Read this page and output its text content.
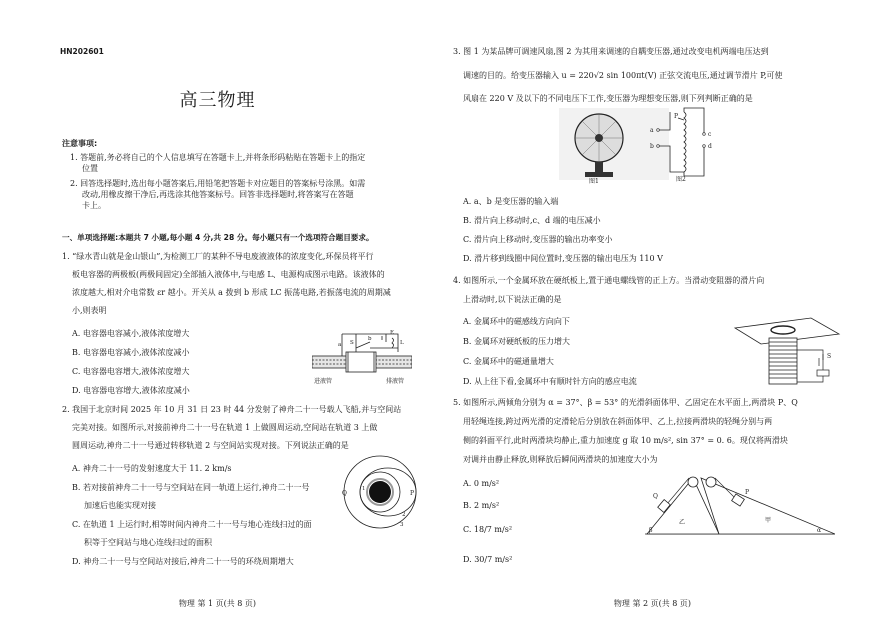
HN202601
高三物理
注意事项:
1. 答题前,务必将自己的个人信息填写在答题卡上,并将条形码粘贴在答题卡上的指定
位置
2. 回答选择题时,选出每小题答案后,用铅笔把答题卡对应题目的答案标号涂黑。如需
改动,用橡皮擦干净后,再选涂其他答案标号。回答非选择题时,将答案写在答题
卡上。
一、单项选择题:本题共 7 小题,每小题 4 分,共 28 分。每小题只有一个选项符合题目要求。
1. “绿水青山就是金山银山”,为检测工厂的某种不导电废液液体的浓度变化,环保员将平行
板电容器的两极板(两极间固定)全部插入液体中,与电感 L、电源构成图示电路。该液体的
浓度越大,相对介电常数 εr 越小。开关从 a 拨到 b 形成 LC 振荡电路,若振荡电流的周期减
小,则表明
A. 电容器电容减小,液体浓度增大
B. 电容器电容减小,液体浓度减小
C. 电容器电容增大,液体浓度增大
D. 电容器电容增大,液体浓度减小
进液管	排液管
S
a
b
E
L
2. 我国于北京时间 2025 年 10 月 31 日 23 时 44 分发射了神舟二十一号载人飞船,并与空间站
完美对接。如图所示,对接前神舟二十一号在轨道 1 上做圆周运动,空间站在轨道 3 上做
圆周运动,神舟二十一号通过转移轨道 2 与空间站实现对接。下列说法正确的是
A. 神舟二十一号的发射速度大于 11. 2 km/s
B. 若对接前神舟二十一号与空间站在同一轨道上运行,神舟二十一号
加速后也能实现对接
C. 在轨道 1 上运行时,相等时间内神舟二十一号与地心连线扫过的面
积等于空间站与地心连线扫过的面积
D. 神舟二十一号与空间站对接后,神舟二十一号的环绕周期增大
Q	P
1
2
3
物理 第 1 页(共 8 页)
3. 图 1 为某品牌可调速风扇,图 2 为其用来调速的自耦变压器,通过改变电机两端电压达到
调速的目的。给变压器输入 u = 220√2 sin 100πt(V) 正弦交流电压,通过调节滑片 P,可使
风扇在 220 V 及以下的不同电压下工作,变压器为理想变压器,则下列判断正确的是
图1
P
a
b
c
d
图2
A. a、b 是变压器的输入端
B. 滑片向上移动时,c、d 端的电压减小
C. 滑片向上移动时,变压器的输出功率变小
D. 滑片移到线圈中间位置时,变压器的输出电压为 110 V
4. 如图所示,一个金属环放在硬纸板上,置于通电螺线管的正上方。当滑动变阻器的滑片向
上滑动时,以下说法正确的是
A. 金属环中的磁感线方向向下
B. 金属环对硬纸板的压力增大
C. 金属环中的磁通量增大
D. 从上往下看,金属环中有顺时针方向的感应电流
S
5. 如图所示,两倾角分别为 α = 37°、β = 53° 的光滑斜面体甲、乙固定在水平面上,两滑块 P、Q
用轻绳连接,跨过两光滑的定滑轮后分别放在斜面体甲、乙上,拉接两滑块的轻绳分别与两
侧的斜面平行,此时两滑块均静止,重力加速度 g 取 10 m/s², sin 37° = 0. 6。现仅将两滑块
对调并由静止释放,则释放后瞬间两滑块的加速度大小为
A. 0 m/s²
B. 2 m/s²
C. 18/7 m/s²
D. 30/7 m/s²
Q
P
乙	甲
α
β
物理 第 2 页(共 8 页)
